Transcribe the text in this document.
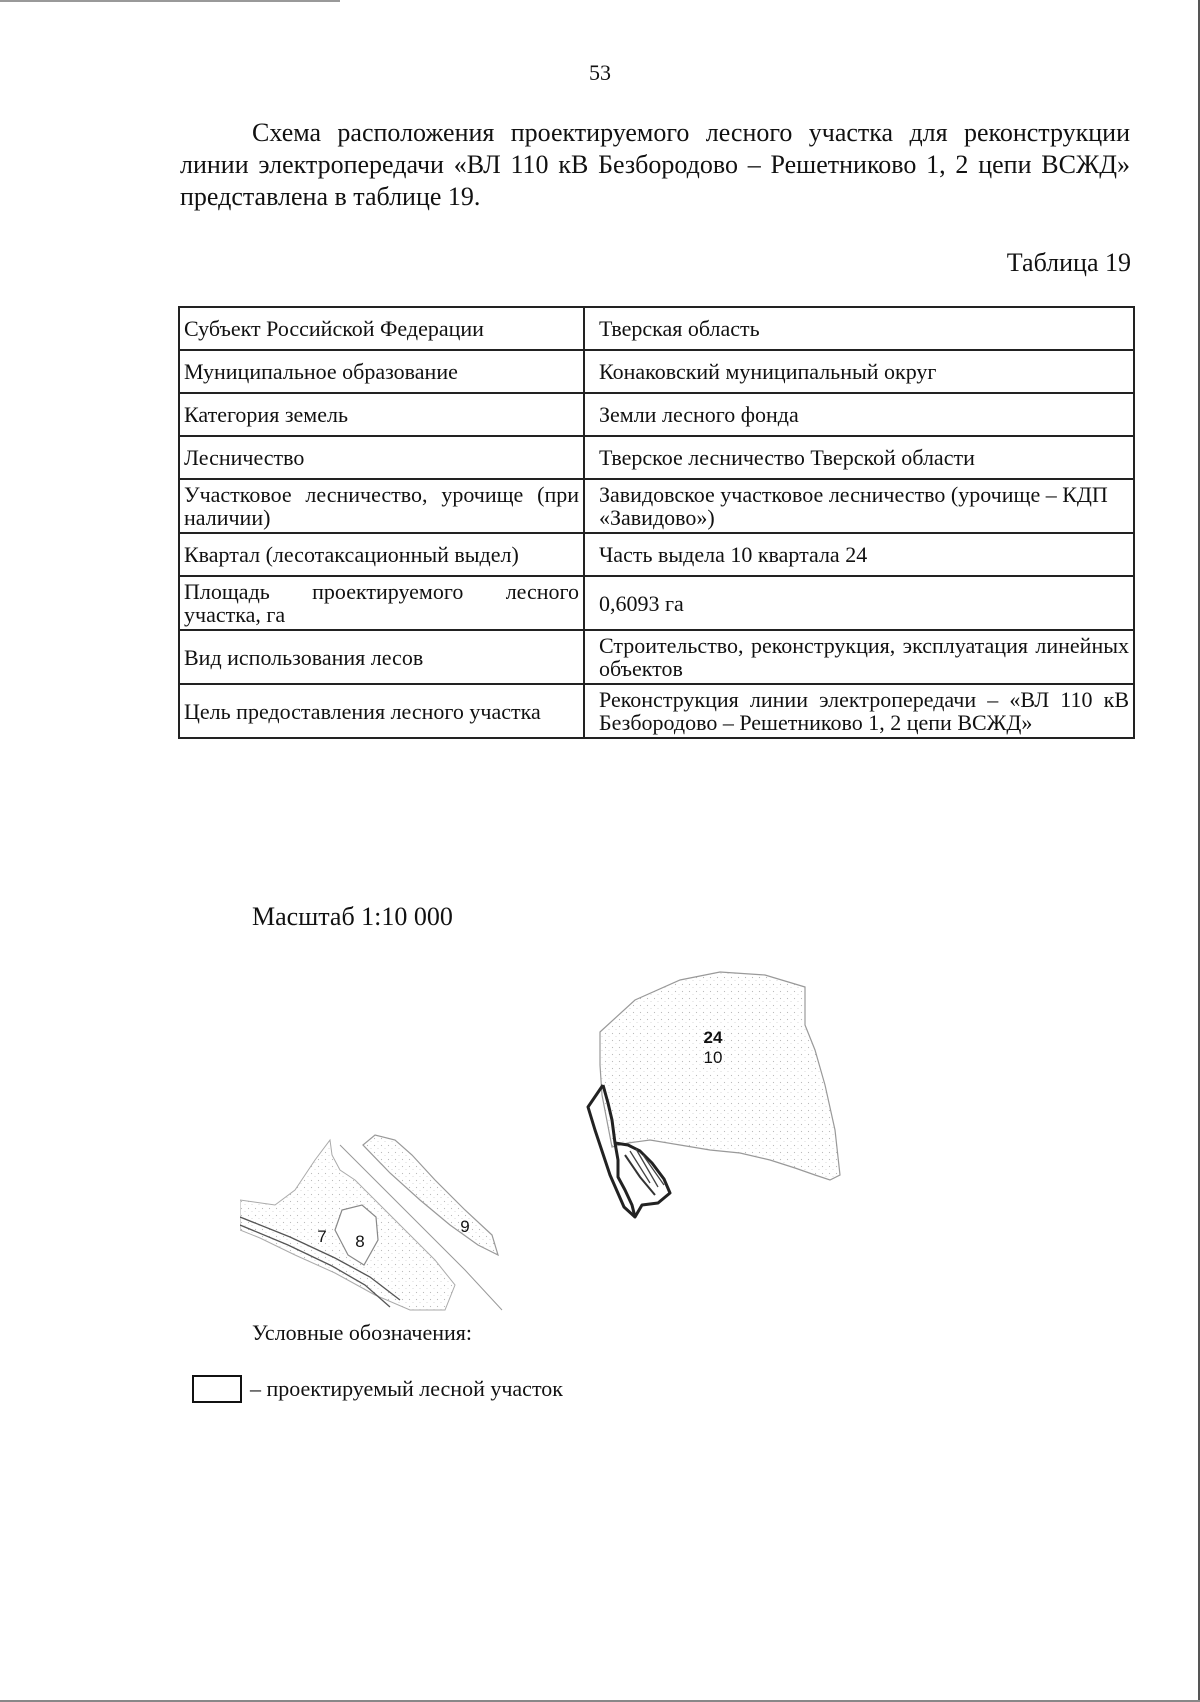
53

Схема расположения проектируемого лесного участка для реконструкции линии электропередачи «ВЛ 110 кВ Безбородово – Решетниково 1, 2 цепи ВСЖД» представлена в таблице 19.

Таблица 19
Субъект Российской Федерации	Тверская область
Муниципальное образование	Конаковский муниципальный округ
Категория земель	Земли лесного фонда
Лесничество	Тверское лесничество Тверской области
Участковое лесничество, урочище (при наличии)	Завидовское участковое лесничество (урочище – КДП «Завидово»)
Квартал (лесотаксационный выдел)	Часть выдела 10 квартала 24
Площадь проектируемого лесного участка, га	0,6093 га
Вид использования лесов	Строительство, реконструкция, эксплуатация линейных объектов
Цель предоставления лесного участка	Реконструкция линии электропередачи – «ВЛ 110 кВ Безбородово – Решетниково 1, 2 цепи ВСЖД»
Масштаб 1:10 000
24
10
7 8
9
Условные обозначения:
– проектируемый лесной участок
